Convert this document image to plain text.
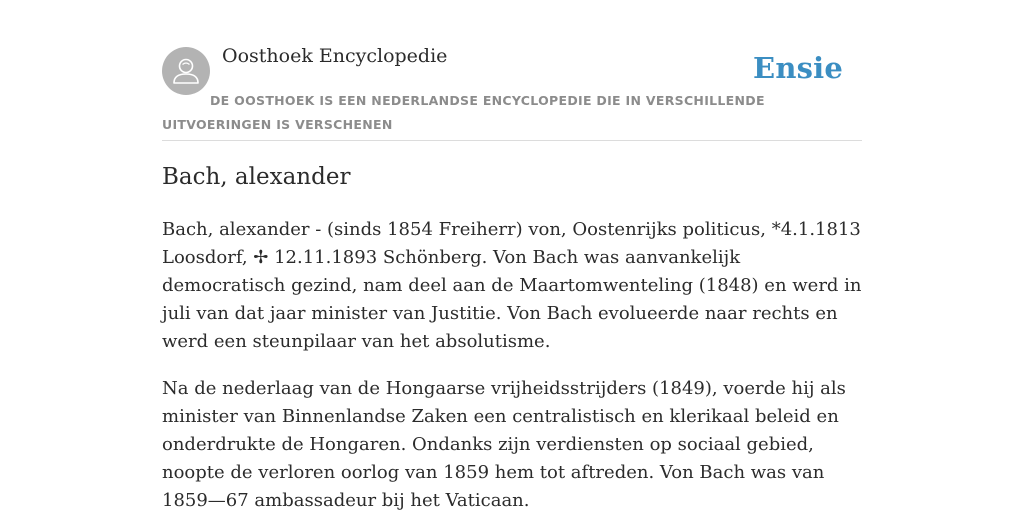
Oosthoek Encyclopedie	Ensie
DE OOSTHOEK IS EEN NEDERLANDSE ENCYCLOPEDIE DIE IN VERSCHILLENDE UITVOERINGEN IS VERSCHENEN
Bach, alexander

Bach, alexander - (sinds 1854 Freiherr) von, Oostenrijks politicus, *4.1.1813 Loosdorf, ✢ 12.11.1893 Schönberg. Von Bach was aanvankelijk democratisch gezind, nam deel aan de Maartomwenteling (1848) en werd in juli van dat jaar minister van Justitie. Von Bach evolueerde naar rechts en werd een steunpilaar van het absolutisme.

Na de nederlaag van de Hongaarse vrijheidsstrijders (1849), voerde hij als minister van Binnenlandse Zaken een centralistisch en klerikaal beleid en onderdrukte de Hongaren. Ondanks zijn verdiensten op sociaal gebied, noopte de verloren oorlog van 1859 hem tot aftreden. Von Bach was van 1859—67 ambassadeur bij het Vaticaan.
